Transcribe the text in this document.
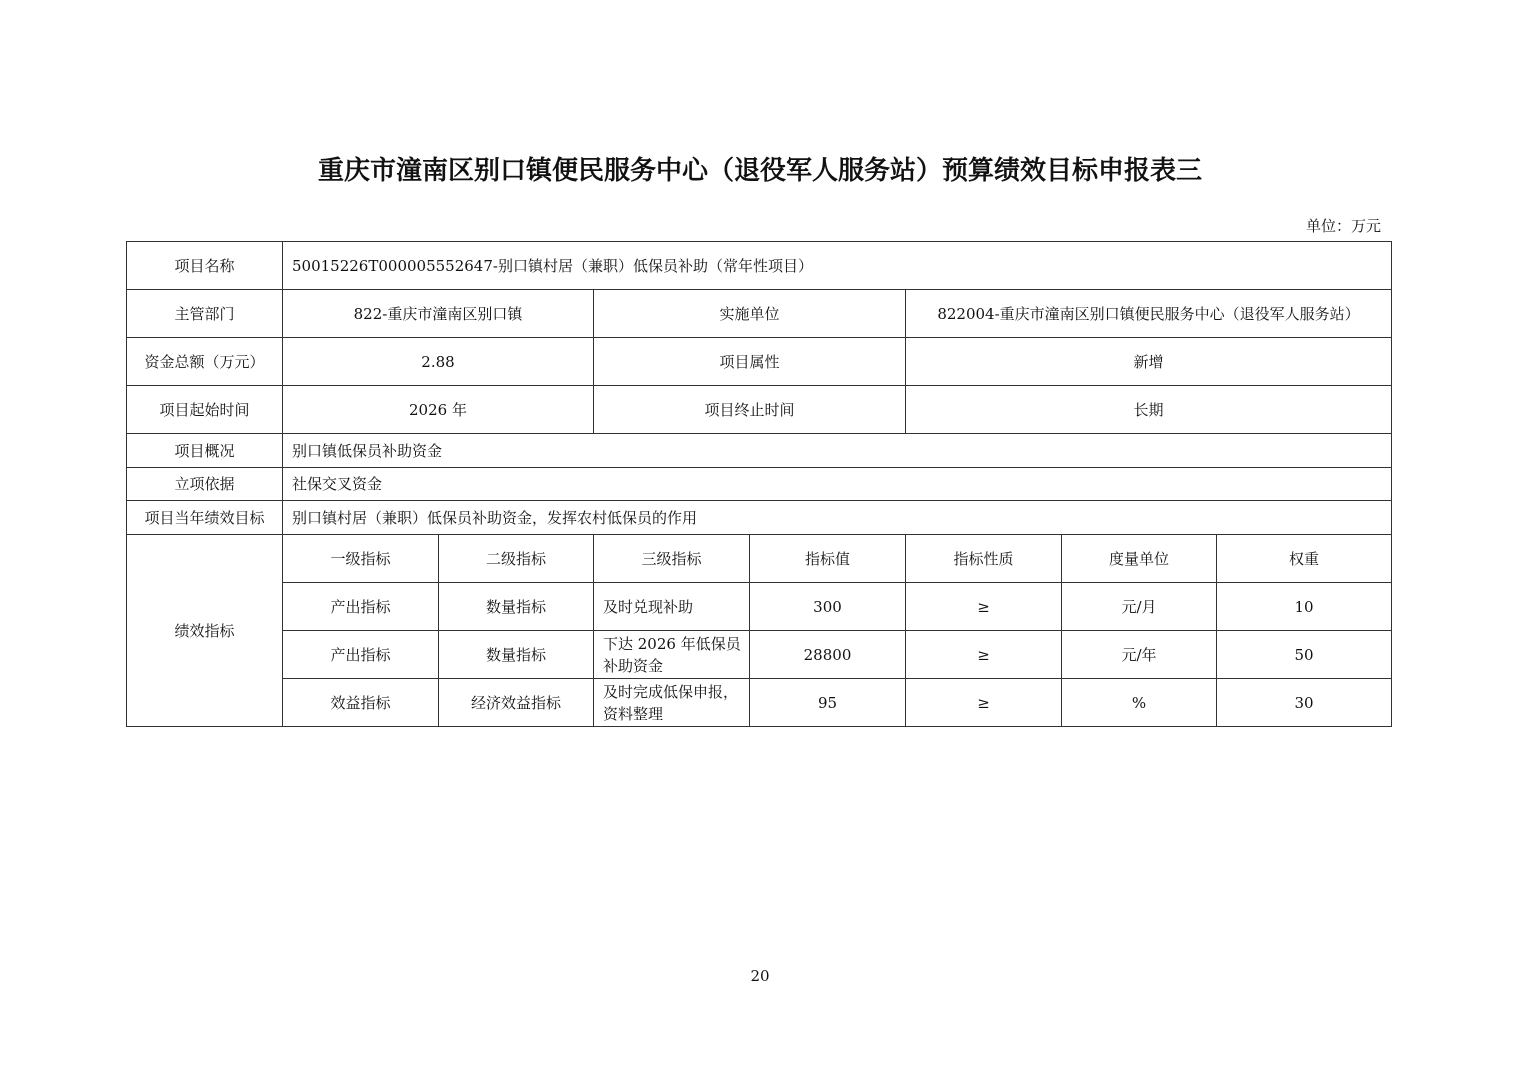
重庆市潼南区别口镇便民服务中心（退役军人服务站）预算绩效目标申报表三
单位：万元
项目名称	50015226T000005552647-别口镇村居（兼职）低保员补助（常年性项目）						
主管部门	822-重庆市潼南区别口镇		实施单位		822004-重庆市潼南区别口镇便民服务中心（退役军人服务站）		
资金总额（万元）	2.88		项目属性		新增		
项目起始时间	2026 年		项目终止时间		长期		
项目概况	别口镇低保员补助资金						
立项依据	社保交叉资金						
项目当年绩效目标	别口镇村居（兼职）低保员补助资金，发挥农村低保员的作用						
绩效指标	一级指标	二级指标	三级指标	指标值	指标性质	度量单位	权重
	产出指标	数量指标	及时兑现补助	300	≥	元/月	10
	产出指标	数量指标	下达 2026 年低保员补助资金	28800	≥	元/年	50
	效益指标	经济效益指标	及时完成低保申报，资料整理	95	≥	%	30
20
